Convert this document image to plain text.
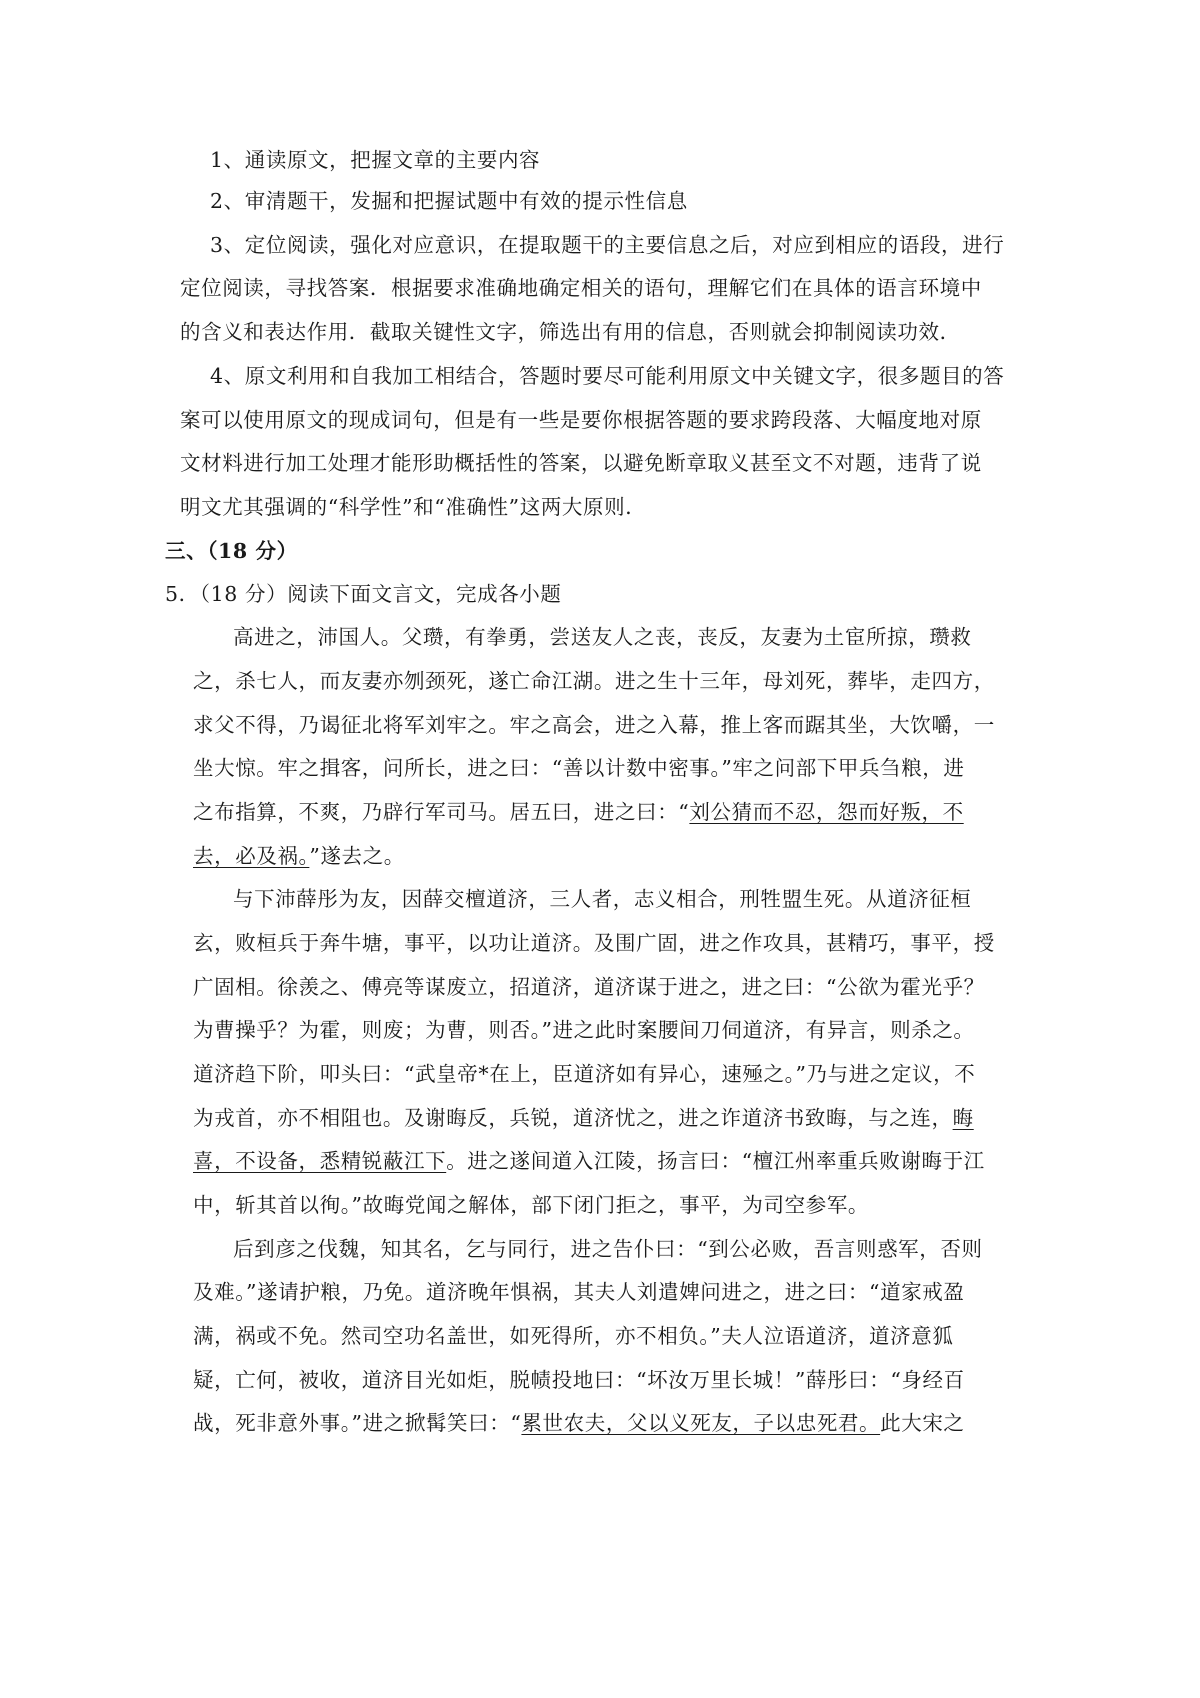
1、通读原文，把握文章的主要内容
2、审清题干，发掘和把握试题中有效的提示性信息
3、定位阅读，强化对应意识，在提取题干的主要信息之后，对应到相应的语段，进行
定位阅读，寻找答案．根据要求准确地确定相关的语句，理解它们在具体的语言环境中
的含义和表达作用．截取关键性文字，筛选出有用的信息，否则就会抑制阅读功效．
4、原文利用和自我加工相结合，答题时要尽可能利用原文中关键文字，很多题目的答
案可以使用原文的现成词句，但是有一些是要你根据答题的要求跨段落、大幅度地对原
文材料进行加工处理才能形助概括性的答案，以避免断章取义甚至文不对题，违背了说
明文尤其强调的“科学性”和“准确性”这两大原则．
三、（18 分）
5．（18 分）阅读下面文言文，完成各小题
高进之，沛国人。父瓒，有拳勇，尝送友人之丧，丧反，友妻为土宦所掠，瓒救
之，杀七人，而友妻亦刎颈死，遂亡命江湖。进之生十三年，母刘死，葬毕，走四方，
求父不得，乃谒征北将军刘牢之。牢之高会，进之入幕，推上客而踞其坐，大饮嚼，一
坐大惊。牢之揖客，问所长，进之曰：“善以计数中密事。”牢之问部下甲兵刍粮，进
之布指算，不爽，乃辟行军司马。居五曰，进之曰：“刘公猜而不忍，怨而好叛，不
去，必及祸。”遂去之。
与下沛薛彤为友，因薛交檀道济，三人者，志义相合，刑牲盟生死。从道济征桓
玄，败桓兵于奔牛塘，事平，以功让道济。及围广固，进之作攻具，甚精巧，事平，授
广固相。徐羡之、傅亮等谋废立，招道济，道济谋于进之，进之曰：“公欲为霍光乎？
为曹操乎？为霍，则废；为曹，则否。”进之此时案腰间刀伺道济，有异言，则杀之。
道济趋下阶，叩头曰：“武皇帝*在上，臣道济如有异心，速殛之。”乃与进之定议，不
为戎首，亦不相阻也。及谢晦反，兵锐，道济忧之，进之诈道济书致晦，与之连，晦
喜，不设备，悉精锐蔽江下。进之遂间道入江陵，扬言曰：“檀江州率重兵败谢晦于江
中，斩其首以徇。”故晦党闻之解体，部下闭门拒之，事平，为司空参军。
后到彦之伐魏，知其名，乞与同行，进之告仆曰：“到公必败，吾言则惑军，否则
及难。”遂请护粮，乃免。道济晚年惧祸，其夫人刘遣婢问进之，进之曰：“道家戒盈
满，祸或不免。然司空功名盖世，如死得所，亦不相负。”夫人泣语道济，道济意狐
疑，亡何，被收，道济目光如炬，脱帻投地曰：“坏汝万里长城！”薛彤曰：“身经百
战，死非意外事。”进之掀髯笑曰：“累世农夫，父以义死友，子以忠死君。此大宋之
